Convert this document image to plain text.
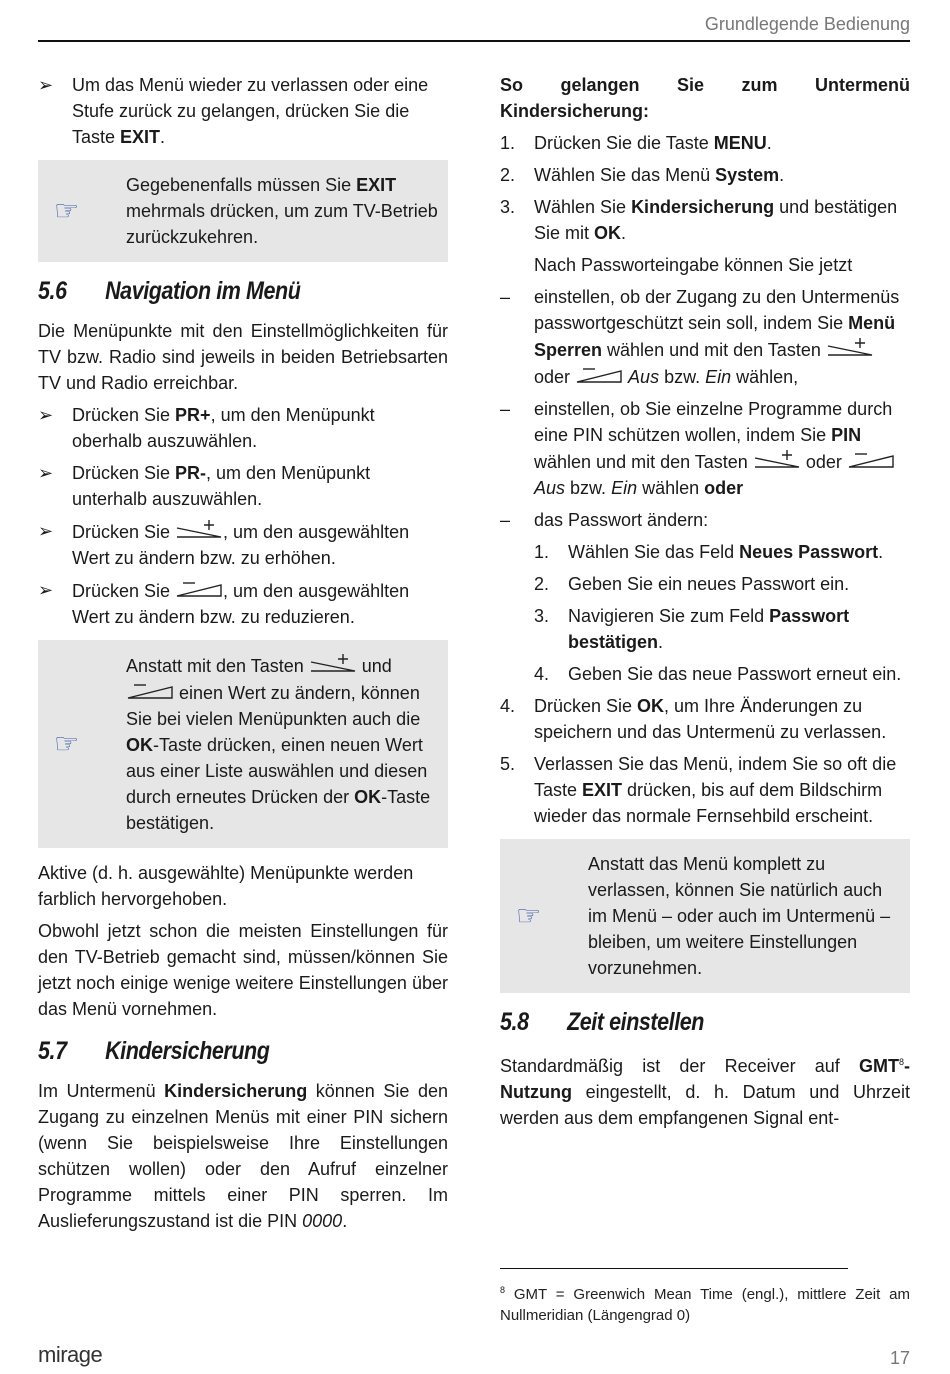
Grundlegende Bedienung
➢ Um das Menü wieder zu verlassen oder eine Stufe zurück zu gelangen, drücken Sie die Taste EXIT.
☞
Gegebenenfalls müssen Sie EXIT mehrmals drücken, um zum TV-Betrieb zurückzukehren.
5.6 Navigation im Menü

Die Menüpunkte mit den Einstellmöglichkeiten für TV bzw. Radio sind jeweils in beiden Betriebsarten TV und Radio erreichbar.

➢ Drücken Sie PR+, um den Menüpunkt oberhalb auszuwählen.
➢ Drücken Sie PR-, um den Menüpunkt unterhalb auszuwählen.
➢ Drücken Sie	, um den ausgewählten Wert zu ändern bzw. zu erhöhen.
➢ Drücken Sie	, um den ausgewählten Wert zu ändern bzw. zu reduzieren.
☞
Anstatt mit den Tasten	und  einen Wert zu ändern, können Sie bei vielen Menüpunkten auch die OK-Taste drücken, einen neuen Wert aus einer Liste auswählen und diesen durch erneutes Drücken der OK-Taste bestätigen.

Aktive (d. h. ausgewählte) Menüpunkte werden farblich hervorgehoben.

Obwohl jetzt schon die meisten Einstellungen für den TV-Betrieb gemacht sind, müssen/können Sie jetzt noch einige wenige weitere Einstellungen über das Menü vornehmen.

5.7 Kindersicherung

Im Untermenü Kindersicherung können Sie den Zugang zu einzelnen Menüs mit einer PIN sichern (wenn Sie beispielsweise Ihre Einstellungen schützen wollen) oder den Aufruf einzelner Programme mittels einer PIN sperren. Im Auslieferungszustand ist die PIN 0000.

So gelangen Sie zum Untermenü Kindersicherung:

1. Drücken Sie die Taste MENU.
2. Wählen Sie das Menü System.
3. Wählen Sie Kindersicherung und bestätigen Sie mit OK.

Nach Passworteingabe können Sie jetzt

– einstellen, ob der Zugang zu den Untermenüs passwortgeschützt sein soll, indem Sie Menü Sperren wählen und mit den Tasten  oder	Aus bzw. Ein wählen,
– einstellen, ob Sie einzelne Programme durch eine PIN schützen wollen, indem Sie PIN wählen und mit den Tasten	oder  Aus bzw. Ein wählen oder
– das Passwort ändern:
1. Wählen Sie das Feld Neues Passwort.
2. Geben Sie ein neues Passwort ein.
3. Navigieren Sie zum Feld Passwort bestätigen.
4. Geben Sie das neue Passwort erneut ein.
4. Drücken Sie OK, um Ihre Änderungen zu speichern und das Untermenü zu verlassen.
5. Verlassen Sie das Menü, indem Sie so oft die Taste EXIT drücken, bis auf dem Bildschirm wieder das normale Fernsehbild erscheint.
☞
Anstatt das Menü komplett zu verlassen, können Sie natürlich auch im Menü – oder auch im Untermenü – bleiben, um weitere Einstellungen vorzunehmen.
5.8 Zeit einstellen

Standardmäßig ist der Receiver auf GMT$^8$-Nutzung eingestellt, d. h. Datum und Uhrzeit werden aus dem empfangenen Signal ent-

$^8$ GMT = Greenwich Mean Time (engl.), mittlere Zeit am Nullmeridian (Längengrad 0)
mirage	17
